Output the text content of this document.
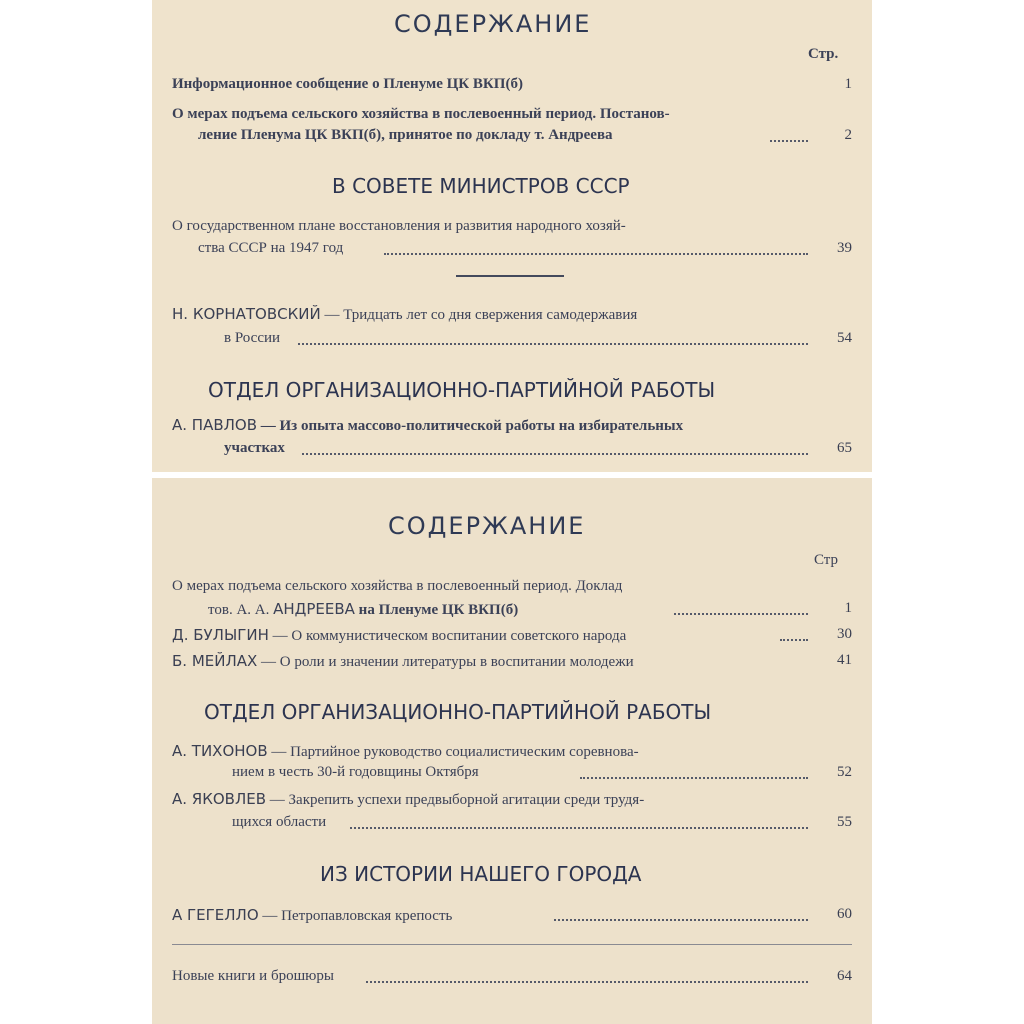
СОДЕРЖАНИЕ
Стр.
Информационное сообщение о Пленуме ЦК ВКП(б)	1
О мерах подъема сельского хозяйства в послевоенный период. Постанов-
ление Пленума ЦК ВКП(б), принятое по докладу т. Андреева	2
В СОВЕТЕ МИНИСТРОВ СССР
О государственном плане восстановления и развития народного хозяй-
ства СССР на 1947 год	39
Н. КОРНАТОВСКИЙ — Тридцать лет со дня свержения самодержавия
в России	54
ОТДЕЛ ОРГАНИЗАЦИОННО-ПАРТИЙНОЙ РАБОТЫ
А. ПАВЛОВ — Из опыта массово-политической работы на избирательных
участках	65
СОДЕРЖАНИЕ
Стр
О мерах подъема сельского хозяйства в послевоенный период. Доклад
тов. А. А. АНДРЕЕВА на Пленуме ЦК ВКП(б)	1
Д. БУЛЫГИН — О коммунистическом воспитании советского народа	30
Б. МЕЙЛАХ — О роли и значении литературы в воспитании молодежи	41
ОТДЕЛ ОРГАНИЗАЦИОННО-ПАРТИЙНОЙ РАБОТЫ
А. ТИХОНОВ — Партийное руководство социалистическим соревнова-
нием в честь 30-й годовщины Октября	52
А. ЯКОВЛЕВ — Закрепить успехи предвыборной агитации среди трудя-
щихся области	55
ИЗ ИСТОРИИ НАШЕГО ГОРОДА
А ГЕГЕЛЛО — Петропавловская крепость	60
Новые книги и брошюры	64
